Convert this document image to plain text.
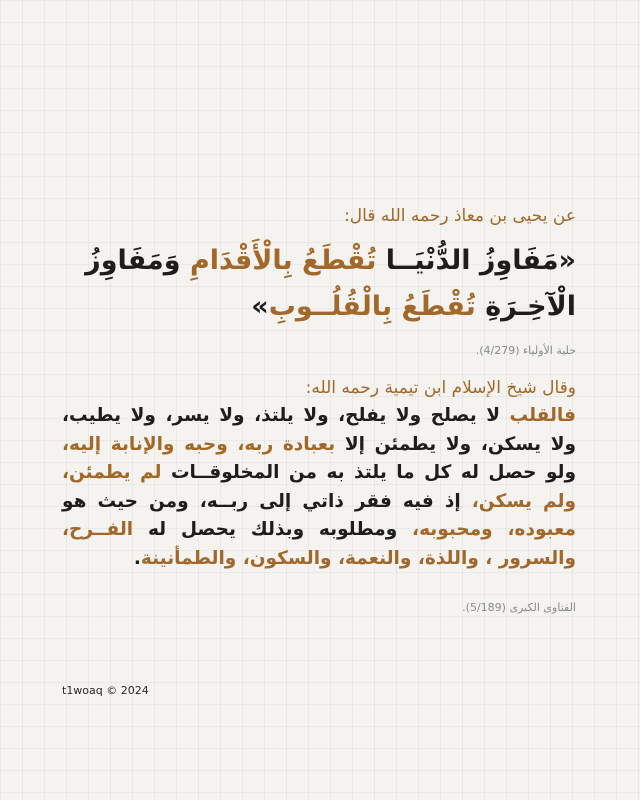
عن يحيى بن معاذ رحمه الله قال:
«مَفَاوِزُ الدُّنْيَــا تُقْطَعُ بِالْأَقْدَامِ وَمَفَاوِزُ الْآخِـرَةِ تُقْطَعُ بِالْقُلُــوبِ»
حلية الأولياء (4/279).
وقال شيخ الإسلام ابن تيمية رحمه الله:
فالقلب لا يصلح ولا يفلح، ولا يلتذ، ولا يسر، ولا يطيب، ولا يسكن، ولا يطمئن إلا بعبادة ربه، وحبه والإنابة إليه، ولو حصل له كل ما يلتذ به من المخلوقــات لم يطمئن، ولم يسكن، إذ فيه فقر ذاتي إلى ربــه، ومن حيث هو معبوده، ومحبوبه، ومطلوبه وبذلك يحصل له الفــرح، والسرور ، واللذة، والنعمة، والسكون، والطمأنينة.
الفتاوى الكبرى (5/189).
t1woaq © 2024
